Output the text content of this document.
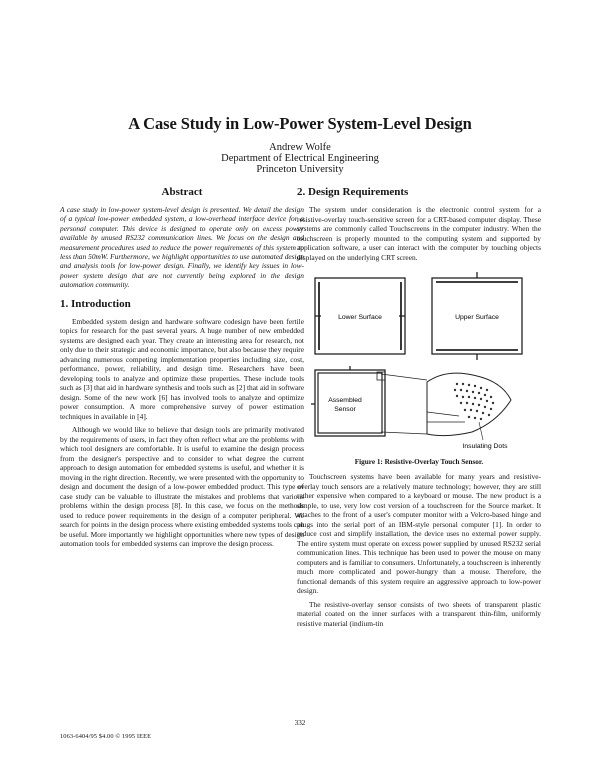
A Case Study in Low-Power System-Level Design
Andrew Wolfe
Department of Electrical Engineering
Princeton University
Abstract

A case study in low-power system-level design is presented. We detail the design of a typical low-power embedded system, a low-overhead interface device for a personal computer. This device is designed to operate only on excess power available by unused RS232 communication lines. We focus on the design and measurement procedures used to reduce the power requirements of this system to less than 50mW. Furthermore, we highlight opportunities to use automated design and analysis tools for low-power design. Finally, we identify key issues in low-power system design that are not currently being explored in the design automation community.

1. Introduction

Embedded system design and hardware software codesign have been fertile topics for research for the past several years. A huge number of new embedded systems are designed each year. They create an interesting area for research, not only due to their strategic and economic importance, but also because they require advancing numerous competing implementation properties including size, cost, performance, power, reliability, and design time. Researchers have been developing tools to analyze and optimize these properties. These include tools such as [3] that aid in hardware synthesis and tools such as [2] that aid in software design. Some of the new work [6] has involved tools to analyze and optimize power consumption. A more comprehensive survey of power estimation techniques in available in [4].

Although we would like to believe that design tools are primarily motivated by the requirements of users, in fact they often reflect what are the problems with which tool designers are comfortable. It is useful to examine the design process from the designer's perspective and to consider to what degree the current approach to design automation for embedded systems is useful, and whether it is moving in the right direction. Recently, we were presented with the opportunity to design and document the design of a low-power embedded product. This type of case study can be valuable to illustrate the mistakes and problems that various problems within the design process [8]. In this case, we focus on the methods used to reduce power requirements in the design of a computer peripheral. We search for points in the design process where existing embedded systems tools can be useful. More importantly we highlight opportunities where new types of design automation tools for embedded systems can improve the design process.

2. Design Requirements

The system under consideration is the electronic control system for a resistive-overlay touch-sensitive screen for a CRT-based computer display. These systems are commonly called Touchscreens in the computer industry. When the touchscreen is properly mounted to the computing system and supported by application software, a user can interact with the computer by touching objects displayed on the underlying CRT screen.

Lower Surface	Upper Surface
Assembled
Sensor
Insulating Dots
Figure 1: Resistive-Overlay Touch Sensor.

Touchscreen systems have been available for many years and resistive-overlay touch sensors are a relatively mature technology; however, they are still rather expensive when compared to a keyboard or mouse. The new product is a simple, to use, very low cost version of a touchscreen for the Source market. It attaches to the front of a user's computer monitor with a Velcro-based hinge and plugs into the serial port of an IBM-style personal computer [1]. In order to reduce cost and simplify installation, the device uses no external power supply. The entire system must operate on excess power supplied by unused RS232 serial communication lines. This technique has been used to power the mouse on many computers and is familiar to consumers. Unfortunately, a touchscreen is inherently much more complicated and power-hungry than a mouse. Therefore, the functional demands of this system require an aggressive approach to low-power design.

The resistive-overlay sensor consists of two sheets of transparent plastic material coated on the inner surfaces with a transparent thin-film, uniformly resistive material (indium-tin

332
1063-6404/95 $4.00 © 1995 IEEE
